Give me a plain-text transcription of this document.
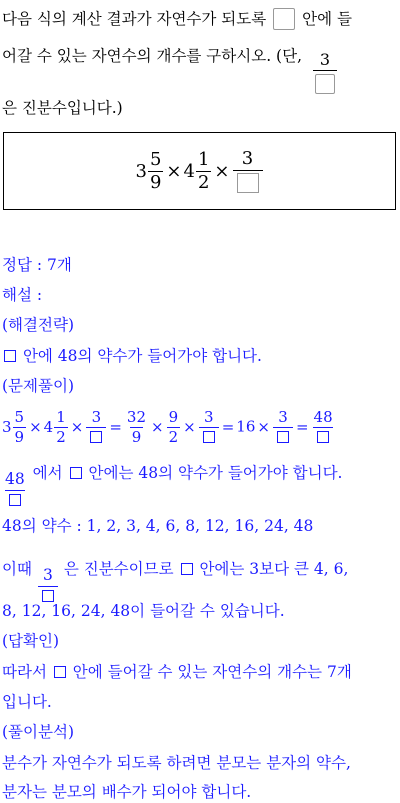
다음 식의 계산 결과가 자연수가 되도록 안에 들
어갈 수 있는 자연수의 개수를 구하시오. (단, 3
은 진분수입니다.)
$3 \frac{5}{9} \times 4 \frac{1}{2}$ ×
3
정답 : 7개
해설 :
(해결전략)
안에 48의 약수가 들어가야 합니다.
(문제풀이)
$3 \frac{5}{9} \times 4 \frac{1}{2}$ ×
3
= $\frac{32}{9} \times \frac{9}{2}$ ×
3
= 16 ×
3
=
48
48 에서 안에는 48의 약수가 들어가야 합니다.
48의 약수 : 1, 2, 3, 4, 6, 8, 12, 16, 24, 48
이때 3 은 진분수이므로 안에는 3보다 큰 4, 6,
8, 12, 16, 24, 48이 들어갈 수 있습니다.
(답확인)
따라서 안에 들어갈 수 있는 자연수의 개수는 7개
입니다.
(풀이분석)
분수가 자연수가 되도록 하려면 분모는 분자의 약수,
분자는 분모의 배수가 되어야 합니다.
